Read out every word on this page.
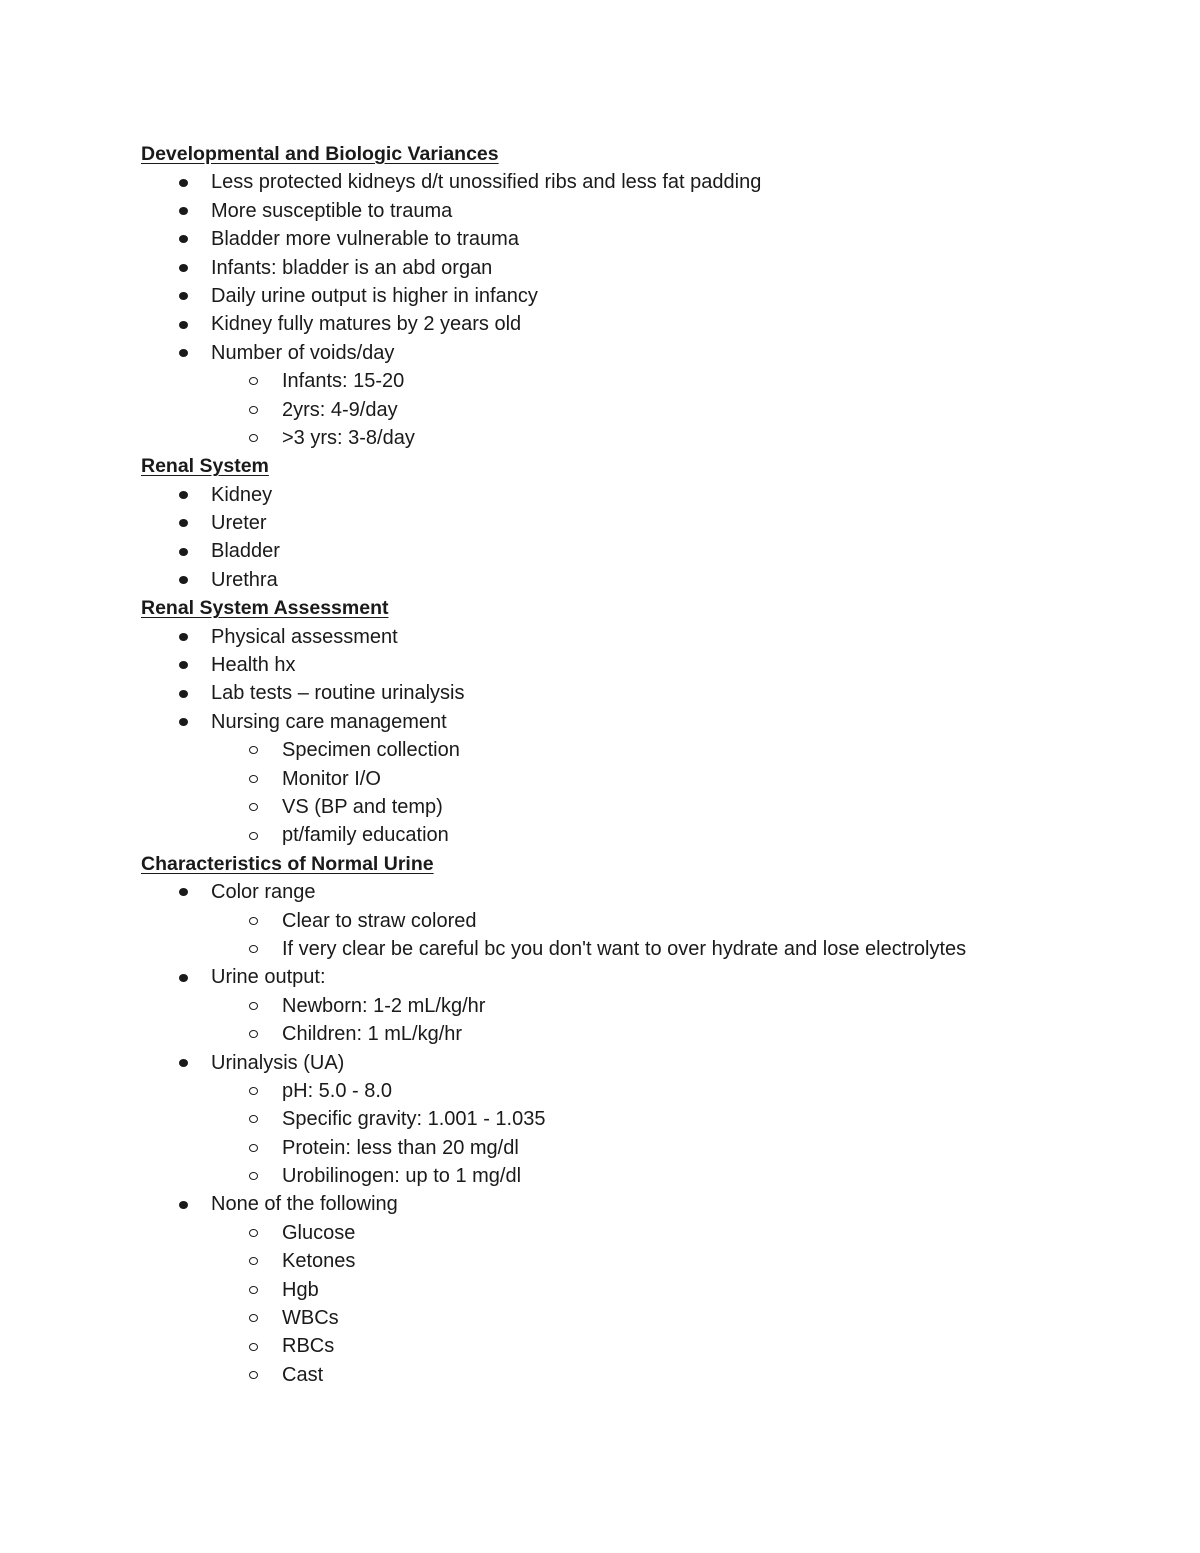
Developmental and Biologic Variances
Less protected kidneys d/t unossified ribs and less fat padding
More susceptible to trauma
Bladder more vulnerable to trauma
Infants: bladder is an abd organ
Daily urine output is higher in infancy
Kidney fully matures by 2 years old
Number of voids/day
Infants: 15-20
2yrs: 4-9/day
>3 yrs: 3-8/day
Renal System
Kidney
Ureter
Bladder
Urethra
Renal System Assessment
Physical assessment
Health hx
Lab tests – routine urinalysis
Nursing care management
Specimen collection
Monitor I/O
VS (BP and temp)
pt/family education
Characteristics of Normal Urine
Color range
Clear to straw colored
If very clear be careful bc you don't want to over hydrate and lose electrolytes
Urine output:
Newborn: 1-2 mL/kg/hr
Children: 1 mL/kg/hr
Urinalysis (UA)
pH: 5.0 - 8.0
Specific gravity: 1.001 - 1.035
Protein: less than 20 mg/dl
Urobilinogen: up to 1 mg/dl
None of the following
Glucose
Ketones
Hgb
WBCs
RBCs
Cast
